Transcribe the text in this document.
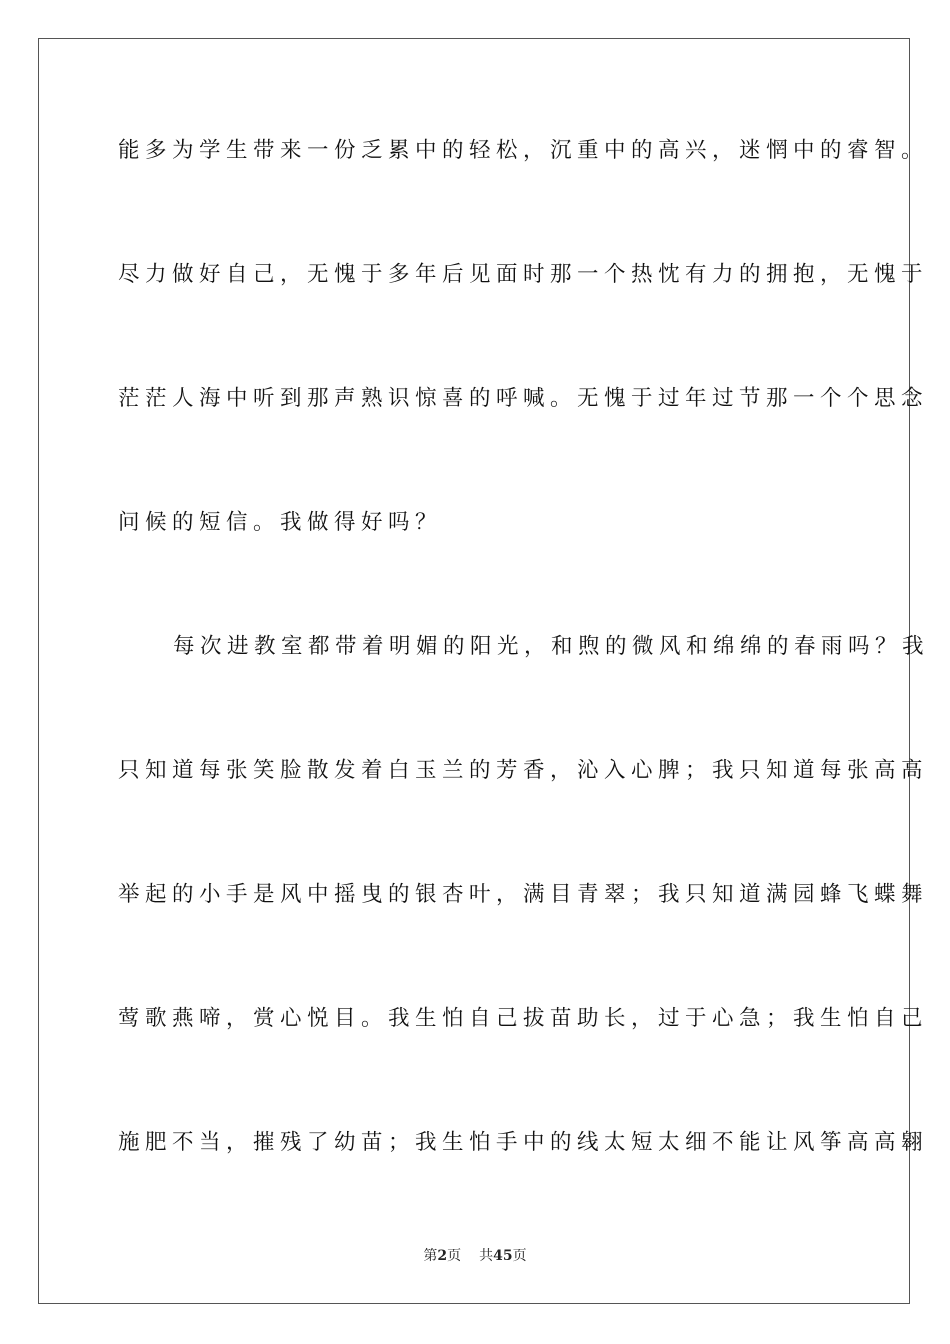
能多为学生带来一份乏累中的轻松，沉重中的高兴，迷惘中的睿智。
尽力做好自己，无愧于多年后见面时那一个热忱有力的拥抱，无愧于
茫茫人海中听到那声熟识惊喜的呼喊。无愧于过年过节那一个个思念
问候的短信。我做得好吗？
每次进教室都带着明媚的阳光，和煦的微风和绵绵的春雨吗？我
只知道每张笑脸散发着白玉兰的芳香，沁入心脾；我只知道每张高高
举起的小手是风中摇曳的银杏叶，满目青翠；我只知道满园蜂飞蝶舞
莺歌燕啼，赏心悦目。我生怕自己拔苗助长，过于心急；我生怕自己
施肥不当，摧残了幼苗；我生怕手中的线太短太细不能让风筝高高翱
第2页 共45页
